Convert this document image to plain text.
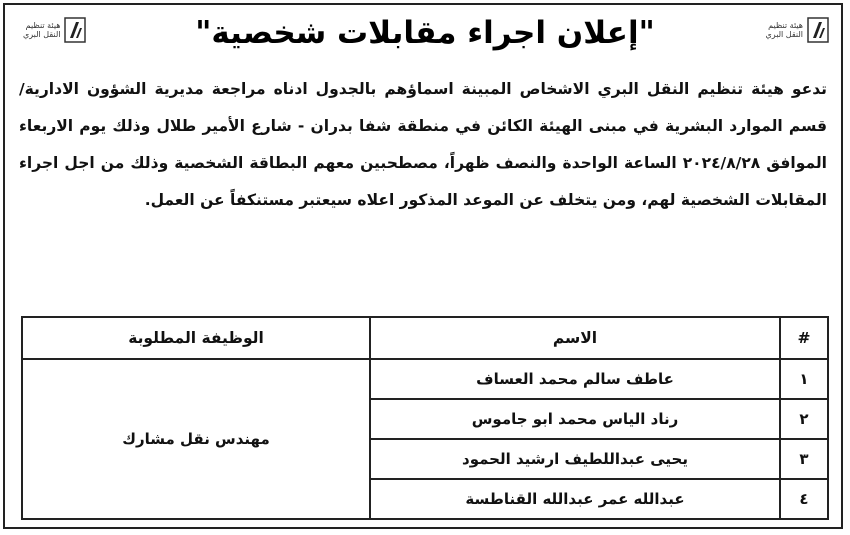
هيئة تنظيم
النقل البري
"إعلان اجراء مقابلات شخصية"
هيئة تنظيم
النقل البري
تدعو هيئة تنظيم النقل البري الاشخاص المبينة اسماؤهم بالجدول ادناه مراجعة مديرية الشؤون الادارية/ قسم الموارد البشرية في مبنى الهيئة الكائن في منطقة شفا بدران - شارع الأمير طلال وذلك يوم الاربعاء الموافق ٢٠٢٤/٨/٢٨ الساعة الواحدة والنصف ظهراً، مصطحبين معهم البطاقة الشخصية وذلك من اجل اجراء المقابلات الشخصية لهم، ومن يتخلف عن الموعد المذكور اعلاه سيعتبر مستنكفاً عن العمل.
#	الاسم	الوظيفة المطلوبة
١	عاطف سالم محمد العساف	مهندس نقل مشارك
٢	رناد الياس محمد ابو جاموس	
٣	يحيى عبداللطيف ارشيد الحمود	
٤	عبدالله عمر عبدالله القناطسة	
